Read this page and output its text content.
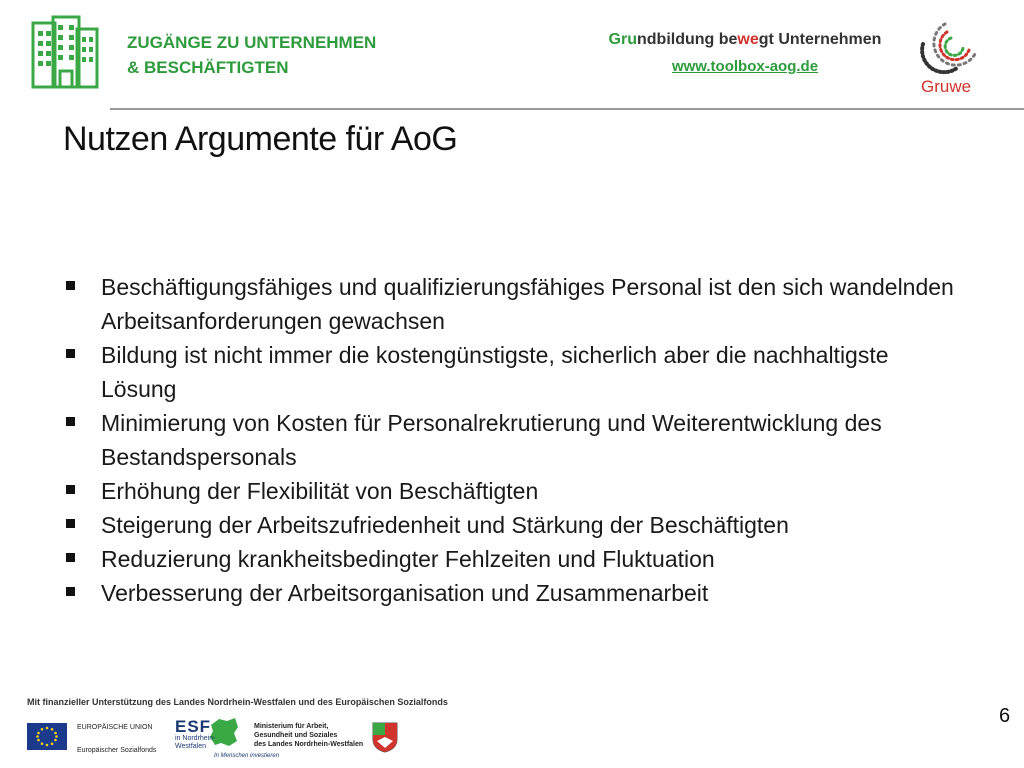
ZUGÄNGE ZU UNTERNEHMEN
& BESCHÄFTIGTEN
Grundbildung bewegt Unternehmen
www.toolbox-aog.de
Gruwe
Nutzen Argumente für AoG
Beschäftigungsfähiges und qualifizierungsfähiges Personal ist den sich wandelnden Arbeitsanforderungen gewachsen
Bildung ist nicht immer die kostengünstigste, sicherlich aber die nachhaltigste Lösung
Minimierung von Kosten für Personalrekrutierung und Weiterentwicklung des Bestandspersonals
Erhöhung der Flexibilität von Beschäftigten
Steigerung der Arbeitszufriedenheit und Stärkung der Beschäftigten
Reduzierung krankheitsbedingter Fehlzeiten und Fluktuation
Verbesserung der Arbeitsorganisation und Zusammenarbeit
Mit finanzieller Unterstützung des Landes Nordrhein-Westfalen und des Europäischen Sozialfonds
EUROPÄISCHE UNION
Europäischer Sozialfonds
ESF
in Nordrhein-
Westfalen
In Menschen investieren
Ministerium für Arbeit,
Gesundheit und Soziales
des Landes Nordrhein-Westfalen
6
